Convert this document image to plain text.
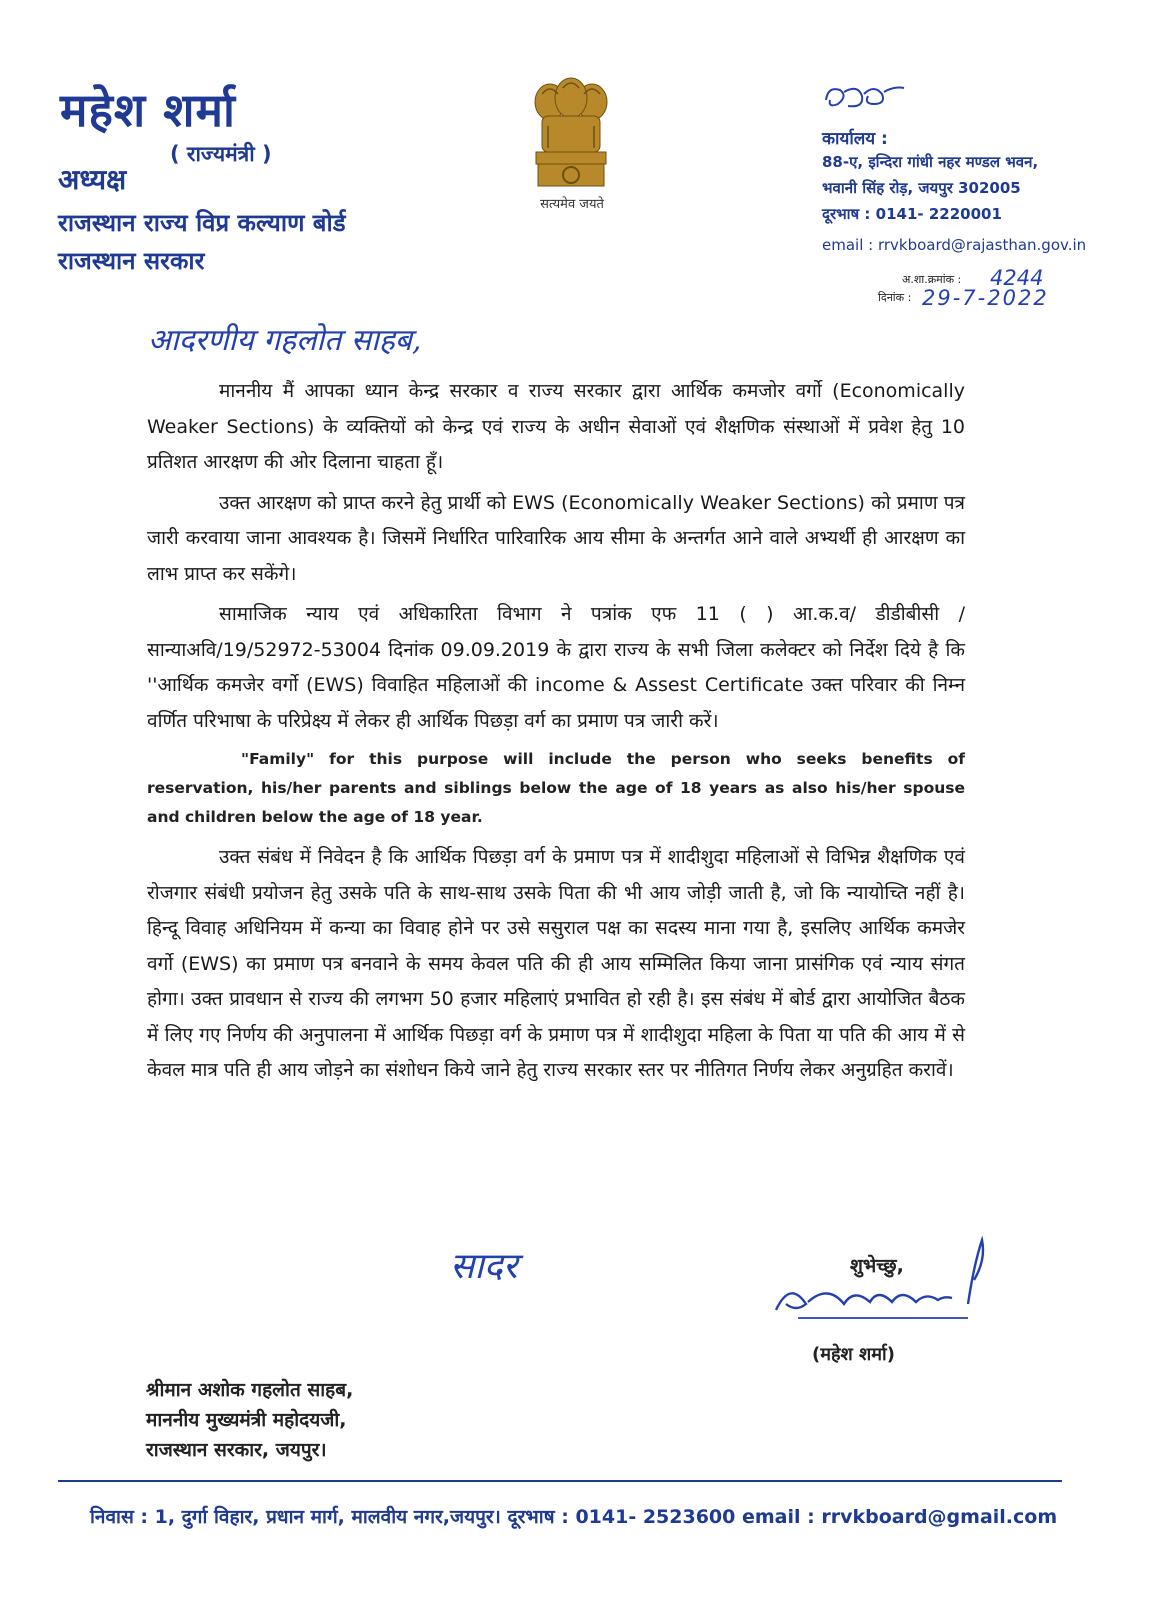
महेश शर्मा
( राज्यमंत्री )
अध्यक्ष
राजस्थान राज्य विप्र कल्याण बोर्ड
राजस्थान सरकार
सत्यमेव जयते
कार्यालय :
88-ए, इन्दिरा गांधी नहर मण्डल भवन,
भवानी सिंह रोड़, जयपुर 302005
दूरभाष : 0141- 2220001
email : rrvkboard@rajasthan.gov.in
अ.शा.क्रमांक : 4244
दिनांक : 29-7-2022
आदरणीय गहलोत साहब,

माननीय मैं आपका ध्यान केन्द्र सरकार व राज्य सरकार द्वारा आर्थिक कमजोर वर्गो (Economically Weaker Sections) के व्यक्तियों को केन्द्र एवं राज्य के अधीन सेवाओं एवं शैक्षणिक संस्थाओं में प्रवेश हेतु 10 प्रतिशत आरक्षण की ओर दिलाना चाहता हूँ।

उक्त आरक्षण को प्राप्त करने हेतु प्रार्थी को EWS (Economically Weaker Sections) को प्रमाण पत्र जारी करवाया जाना आवश्यक है। जिसमें निर्धारित पारिवारिक आय सीमा के अन्तर्गत आने वाले अभ्यर्थी ही आरक्षण का लाभ प्राप्त कर सकेंगे।

सामाजिक न्याय एवं अधिकारिता विभाग ने पत्रांक एफ 11 ( ) आ.क.व/ डीडीबीसी / सान्याअवि/19/52972-53004 दिनांक 09.09.2019 के द्वारा राज्य के सभी जिला कलेक्टर को निर्देश दिये है कि ''आर्थिक कमजेर वर्गो (EWS) विवाहित महिलाओं की income & Assest Certificate उक्त परिवार की निम्न वर्णित परिभाषा के परिप्रेक्ष्य में लेकर ही आर्थिक पिछड़ा वर्ग का प्रमाण पत्र जारी करें।

"Family" for this purpose will include the person who seeks benefits of reservation, his/her parents and siblings below the age of 18 years as also his/her spouse and children below the age of 18 year.

उक्त संबंध में निवेदन है कि आर्थिक पिछड़ा वर्ग के प्रमाण पत्र में शादीशुदा महिलाओं से विभिन्न शैक्षणिक एवं रोजगार संबंधी प्रयोजन हेतु उसके पति के साथ-साथ उसके पिता की भी आय जोड़ी जाती है, जो कि न्यायोच्ति नहीं है। हिन्दू विवाह अधिनियम में कन्या का विवाह होने पर उसे ससुराल पक्ष का सदस्य माना गया है, इसलिए आर्थिक कमजेर वर्गो (EWS) का प्रमाण पत्र बनवाने के समय केवल पति की ही आय सम्मिलित किया जाना प्रासंगिक एवं न्याय संगत होगा। उक्त प्रावधान से राज्य की लगभग 50 हजार महिलाएं प्रभावित हो रही है। इस संबंध में बोर्ड द्वारा आयोजित बैठक में लिए गए निर्णय की अनुपालना में आर्थिक पिछड़ा वर्ग के प्रमाण पत्र में शादीशुदा महिला के पिता या पति की आय में से केवल मात्र पति ही आय जोड़ने का संशोधन किये जाने हेतु राज्य सरकार स्तर पर नीतिगत निर्णय लेकर अनुग्रहित करावें।

सादर	शुभेच्छु,
(महेश शर्मा)
श्रीमान अशोक गहलोत साहब,
माननीय मुख्यमंत्री महोदयजी,
राजस्थान सरकार, जयपुर।
निवास : 1, दुर्गा विहार, प्रधान मार्ग, मालवीय नगर,जयपुर। दूरभाष : 0141- 2523600 email : rrvkboard@gmail.com
